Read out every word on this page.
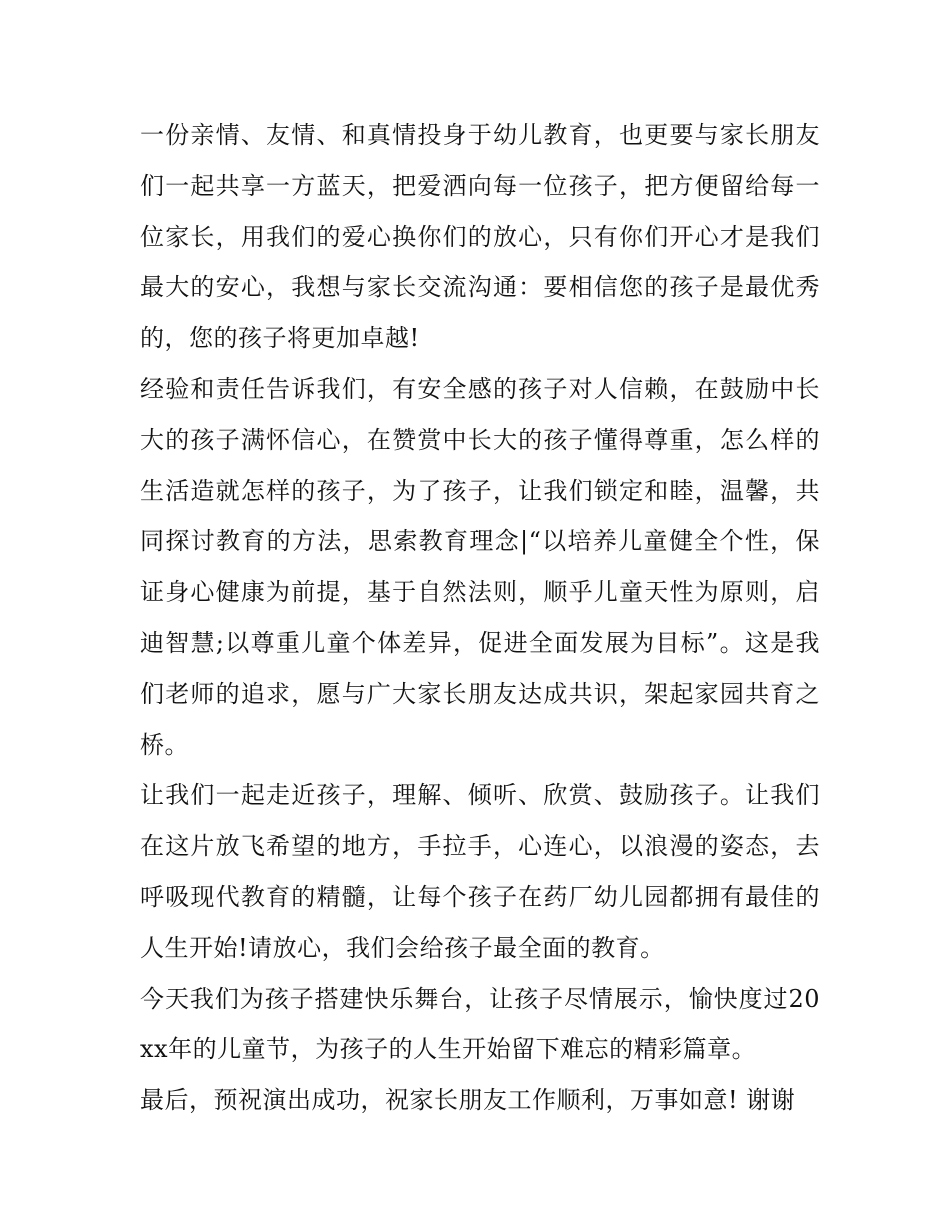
一份亲情、友情、和真情投身于幼儿教育，也更要与家长朋友们一起共享一方蓝天，把爱洒向每一位孩子，把方便留给每一位家长，用我们的爱心换你们的放心，只有你们开心才是我们最大的安心，我想与家长交流沟通：要相信您的孩子是最优秀的，您的孩子将更加卓越!

经验和责任告诉我们，有安全感的孩子对人信赖，在鼓励中长大的孩子满怀信心，在赞赏中长大的孩子懂得尊重，怎么样的生活造就怎样的孩子，为了孩子，让我们锁定和睦，温馨，共同探讨教育的方法，思索教育理念|“以培养儿童健全个性，保证身心健康为前提，基于自然法则，顺乎儿童天性为原则，启迪智慧;以尊重儿童个体差异，促进全面发展为目标”。这是我们老师的追求，愿与广大家长朋友达成共识，架起家园共育之桥。

让我们一起走近孩子，理解、倾听、欣赏、鼓励孩子。让我们在这片放飞希望的地方，手拉手，心连心，以浪漫的姿态，去呼吸现代教育的精髓，让每个孩子在药厂幼儿园都拥有最佳的人生开始!请放心，我们会给孩子最全面的教育。

今天我们为孩子搭建快乐舞台，让孩子尽情展示，愉快度过20xx年的儿童节，为孩子的人生开始留下难忘的精彩篇章。

最后，预祝演出成功，祝家长朋友工作顺利，万事如意! 谢谢
